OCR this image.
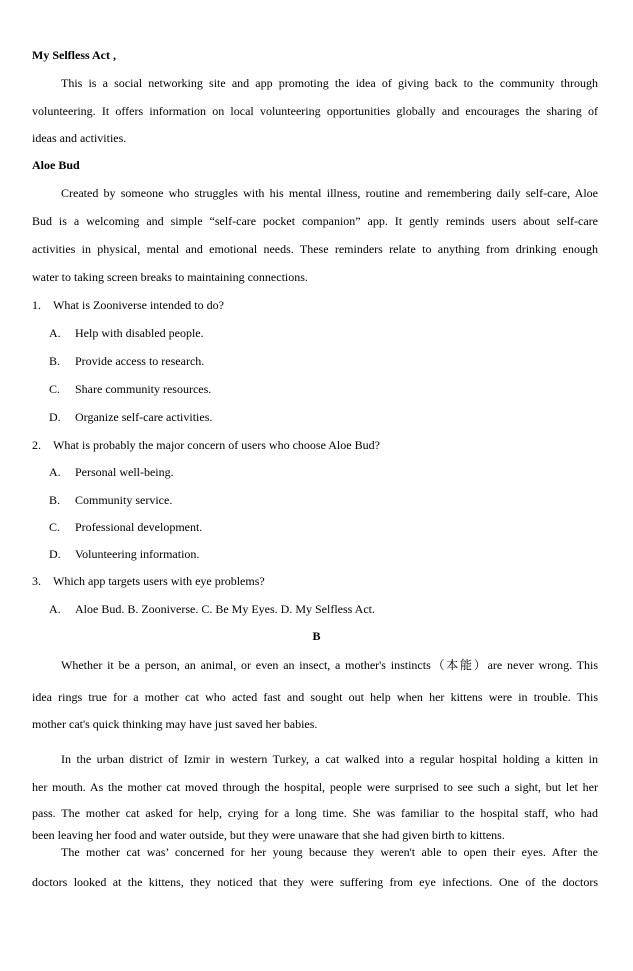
My Selfless Act ,
This is a social networking site and app promoting the idea of giving back to the community through
volunteering. It offers information on local volunteering opportunities globally and encourages the sharing of
ideas and activities.
Aloe Bud
Created by someone who struggles with his mental illness, routine and remembering daily self-care, Aloe
Bud is a welcoming and simple “self-care pocket companion” app. It gently reminds users about self-care
activities in physical, mental and emotional needs. These reminders relate to anything from drinking enough
water to taking screen breaks to maintaining connections.
1. What is Zooniverse intended to do?
A. Help with disabled people.
B. Provide access to research.
C. Share community resources.
D. Organize self-care activities.
2. What is probably the major concern of users who choose Aloe Bud?
A. Personal well-being.
B. Community service.
C. Professional development.
D. Volunteering information.
3. Which app targets users with eye problems?
A. Aloe Bud. B. Zooniverse. C. Be My Eyes. D. My Selfless Act.
B
Whether it be a person, an animal, or even an insect, a mother's instincts（本能）are never wrong. This
idea rings true for a mother cat who acted fast and sought out help when her kittens were in trouble. This
mother cat's quick thinking may have just saved her babies.
In the urban district of Izmir in western Turkey, a cat walked into a regular hospital holding a kitten in
her mouth. As the mother cat moved through the hospital, people were surprised to see such a sight, but let her
pass. The mother cat asked for help, crying for a long time. She was familiar to the hospital staff, who had
been leaving her food and water outside, but they were unaware that she had given birth to kittens.
The mother cat was’ concerned for her young because they weren't able to open their eyes. After the
doctors looked at the kittens, they noticed that they were suffering from eye infections. One of the doctors
